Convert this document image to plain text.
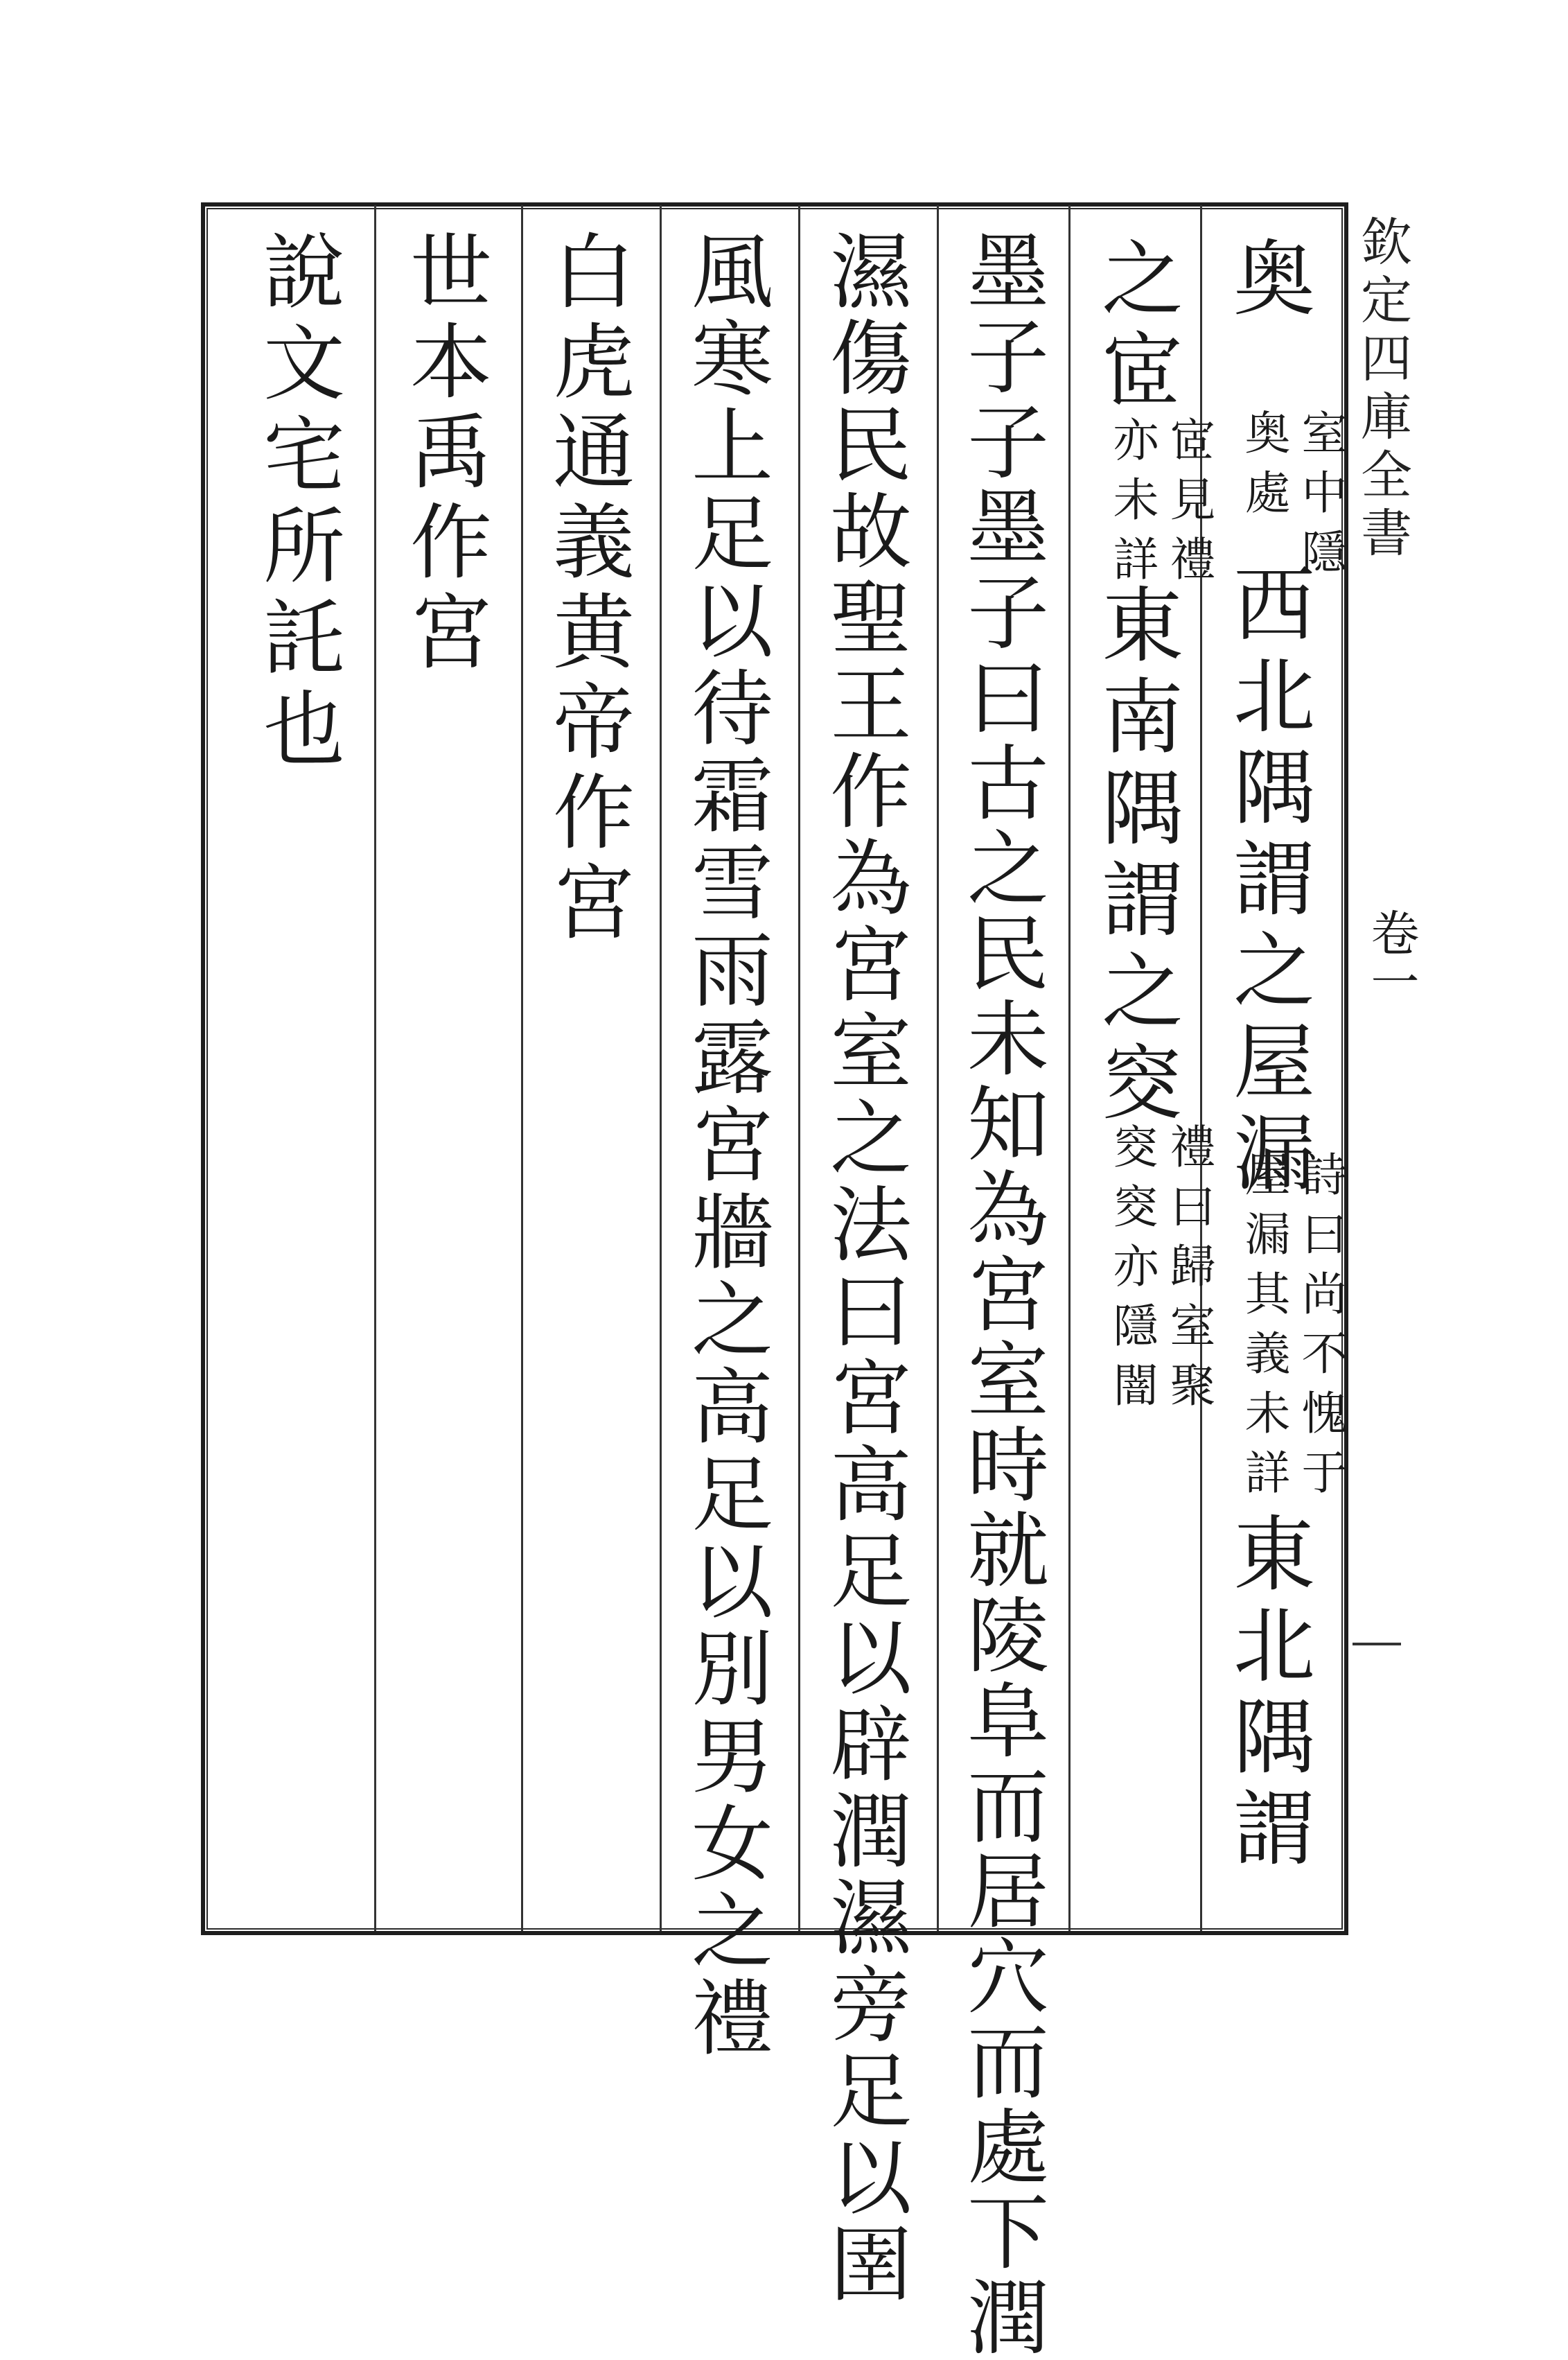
欽定四庫全書
卷一
奥
室中隱
奥處
西北隅謂之屋漏
詩曰尚不愧于
屋漏其義未詳
東北隅謂
之宧
宧見禮
亦未詳
東南隅謂之窔
禮曰歸室聚
窔窔亦隱闇
墨子子墨子曰古之民未知為宮室時就陵阜而居穴而處下潤
濕傷民故聖王作為宮室之法曰宮高足以辟潤濕旁足以圉
風寒上足以待霜雪雨露宮牆之高足以別男女之禮
白虎通義黄帝作宮
世本禹作宮
說文宅所託也
